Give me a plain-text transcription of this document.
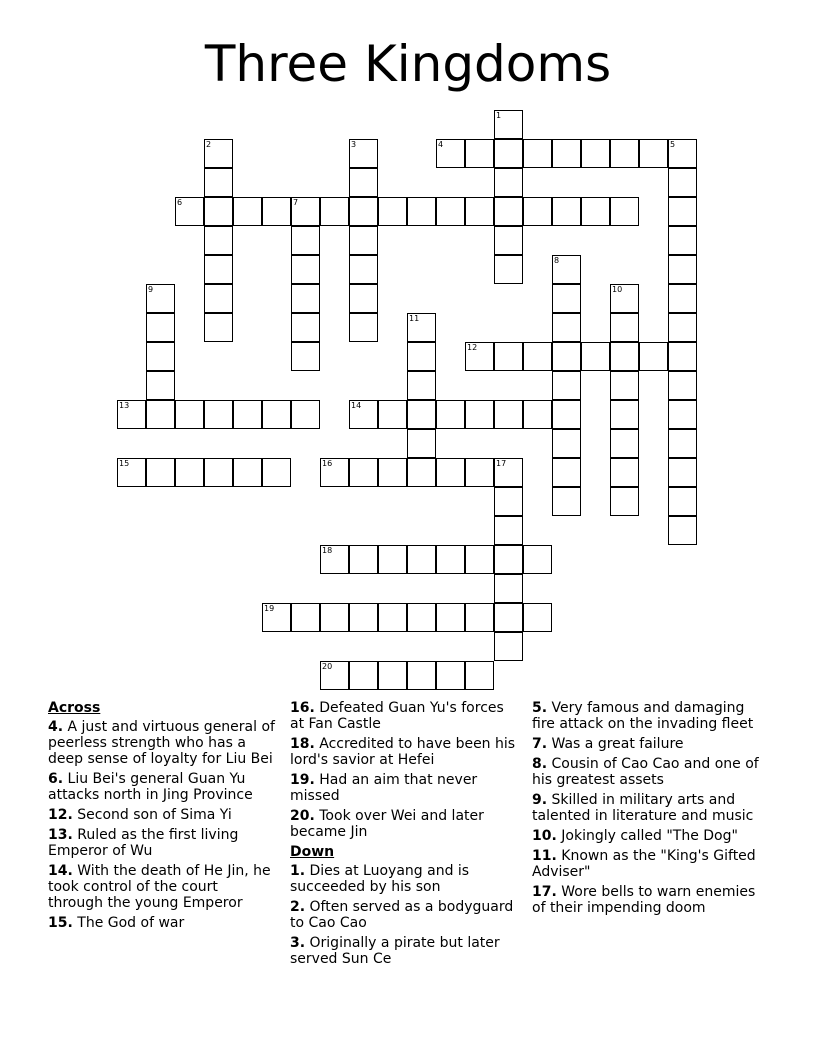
Three Kingdoms
4
6	7
12
13	14
15	16	17
18
19
20
1
2	3	5
8
9	10
11
Across
4. A just and virtuous general of peerless strength who has a deep sense of loyalty for Liu Bei
6. Liu Bei's general Guan Yu attacks north in Jing Province
12. Second son of Sima Yi
13. Ruled as the first living Emperor of Wu
14. With the death of He Jin, he took control of the court through the young Emperor
15. The God of war
16. Defeated Guan Yu's forces at Fan Castle
18. Accredited to have been his lord's savior at Hefei
19. Had an aim that never missed
20. Took over Wei and later became Jin
Down
1. Dies at Luoyang and is succeeded by his son
2. Often served as a bodyguard to Cao Cao
3. Originally a pirate but later served Sun Ce
5. Very famous and damaging fire attack on the invading fleet
7. Was a great failure
8. Cousin of Cao Cao and one of his greatest assets
9. Skilled in military arts and talented in literature and music
10. Jokingly called "The Dog"
11. Known as the "King's Gifted Adviser"
17. Wore bells to warn enemies of their impending doom
